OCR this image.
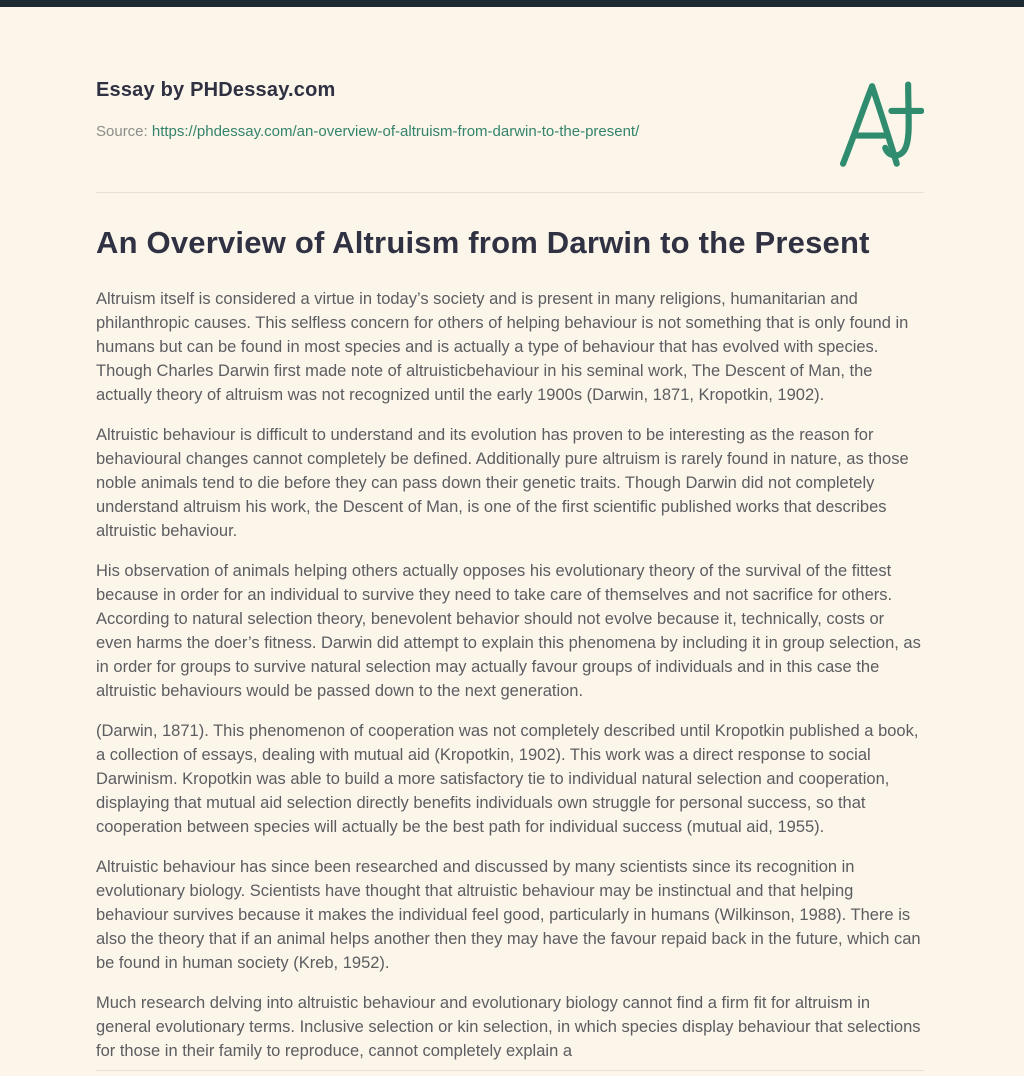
Essay by PHDessay.com
Source: https://phdessay.com/an-overview-of-altruism-from-darwin-to-the-present/
An Overview of Altruism from Darwin to the Present

Altruism itself is considered a virtue in today’s society and is present in many religions, humanitarian and philanthropic causes. This selfless concern for others of helping behaviour is not something that is only found in humans but can be found in most species and is actually a type of behaviour that has evolved with species. Though Charles Darwin first made note of altruisticbehaviour in his seminal work, The Descent of Man, the actually theory of altruism was not recognized until the early 1900s (Darwin, 1871, Kropotkin, 1902).

Altruistic behaviour is difficult to understand and its evolution has proven to be interesting as the reason for behavioural changes cannot completely be defined. Additionally pure altruism is rarely found in nature, as those noble animals tend to die before they can pass down their genetic traits. Though Darwin did not completely understand altruism his work, the Descent of Man, is one of the first scientific published works that describes altruistic behaviour.

His observation of animals helping others actually opposes his evolutionary theory of the survival of the fittest because in order for an individual to survive they need to take care of themselves and not sacrifice for others. According to natural selection theory, benevolent behavior should not evolve because it, technically, costs or even harms the doer’s fitness. Darwin did attempt to explain this phenomena by including it in group selection, as in order for groups to survive natural selection may actually favour groups of individuals and in this case the altruistic behaviours would be passed down to the next generation.

(Darwin, 1871). This phenomenon of cooperation was not completely described until Kropotkin published a book, a collection of essays, dealing with mutual aid (Kropotkin, 1902). This work was a direct response to social Darwinism. Kropotkin was able to build a more satisfactory tie to individual natural selection and cooperation, displaying that mutual aid selection directly benefits individuals own struggle for personal success, so that cooperation between species will actually be the best path for individual success (mutual aid, 1955).

Altruistic behaviour has since been researched and discussed by many scientists since its recognition in evolutionary biology. Scientists have thought that altruistic behaviour may be instinctual and that helping behaviour survives because it makes the individual feel good, particularly in humans (Wilkinson, 1988). There is also the theory that if an animal helps another then they may have the favour repaid back in the future, which can be found in human society (Kreb, 1952).

Much research delving into altruistic behaviour and evolutionary biology cannot find a firm fit for altruism in general evolutionary terms. Inclusive selection or kin selection, in which species display behaviour that selections for those in their family to reproduce, cannot completely explain a
